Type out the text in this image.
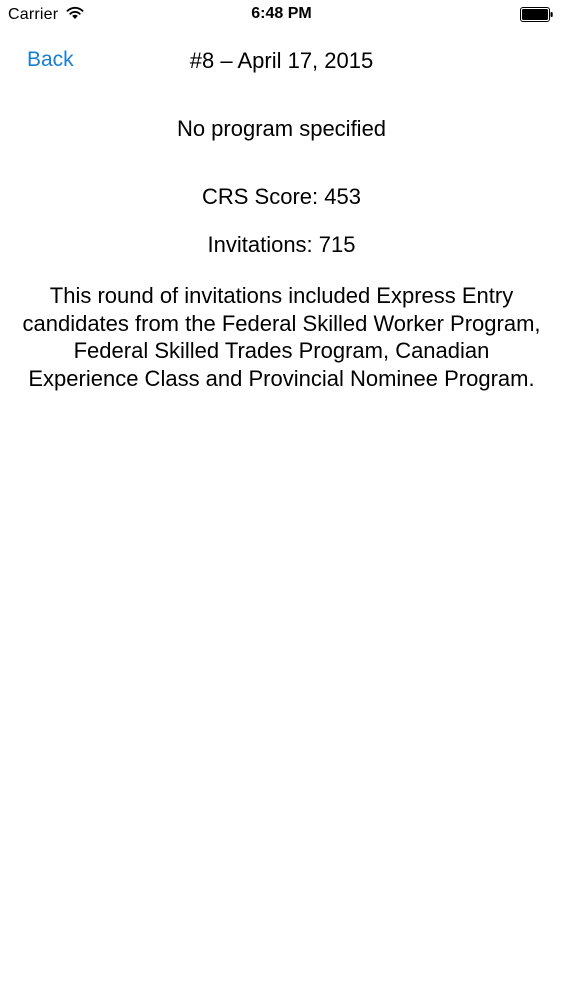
Carrier	6:48 PM
Back	#8 – April 17, 2015
No program specified
CRS Score: 453
Invitations: 715
This round of invitations included Express Entry candidates from the Federal Skilled Worker Program, Federal Skilled Trades Program, Canadian Experience Class and Provincial Nominee Program.
